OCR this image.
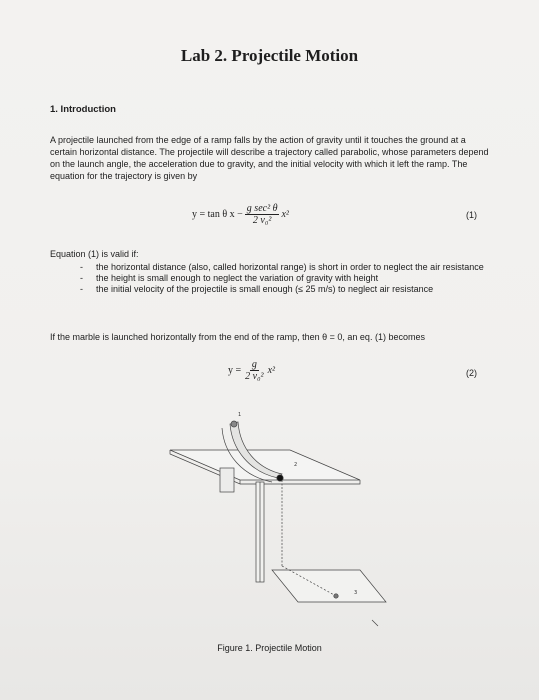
Lab 2. Projectile Motion
1. Introduction
A projectile launched from the edge of a ramp falls by the action of gravity until it touches the ground at a certain horizontal distance. The projectile will describe a trajectory called parabolic, whose parameters depend on the launch angle, the acceleration due to gravity, and the initial velocity with which it left the ramp. The equation for the trajectory is given by
y = tan θ $x - \frac{\text{g sec² θ}}{\text{2 v₀²}} x^2$	(1)
Equation (1) is valid if:
- the horizontal distance (also, called horizontal range) is short in order to neglect the air resistance
- the height is small enough to neglect the variation of gravity with height
- the initial velocity of the projectile is small enough (≤ 25 m/s) to neglect air resistance
If the marble is launched horizontally from the end of the ramp, then θ = 0, an eq. (1) becomes
$y = \frac{g}{\text{2 v₀²}} x^2$	(2)
1
2
3
Figure 1. Projectile Motion
